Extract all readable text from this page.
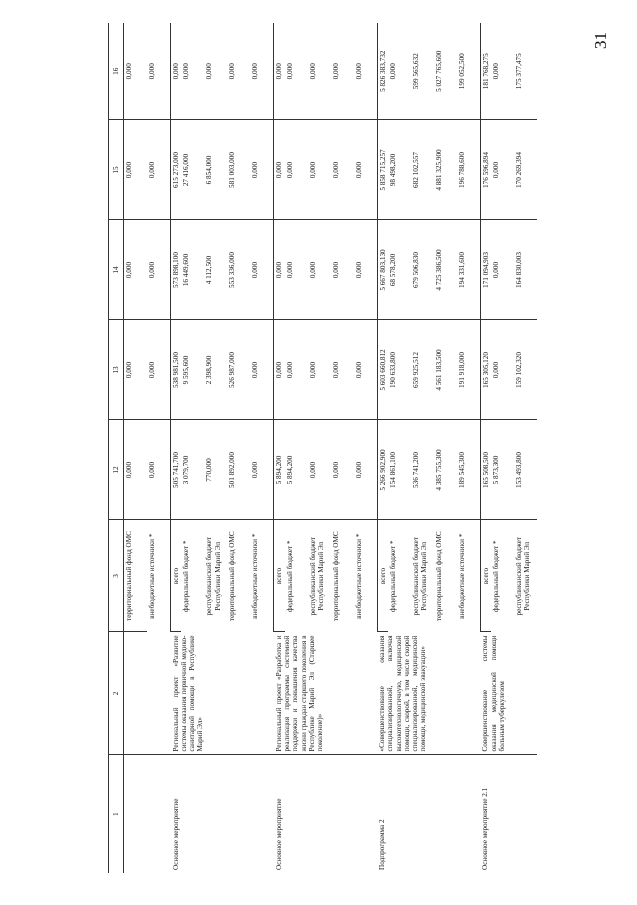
31
1	2	3	12	13	14	15	16
		территориальный фонд ОМС	0,000	0,000	0,000	0,000	0,000
		внебюджетные источники *	0,000	0,000	0,000	0,000	0,000
Основное мероприятие	Региональный проект «Развитие системы оказания первичной медико-санитарной помощи в Республике Марий Эл»	всего	505 741,700	538 981,500	573 898,100	615 273,000	0,000
		федеральный бюджет *	3 079,700	9 595,600	16 449,600	27 416,000	0,000
		республиканский бюджет Республики Марий Эл	770,000	2 398,900	4 112,500	6 854,000	0,000
		территориальный фонд ОМС	501 892,000	526 987,000	553 336,000	581 003,000	0,000
		внебюджетные источники *	0,000	0,000	0,000	0,000	0,000
Основное мероприятие	Региональный проект «Разработка и реализация программы системной поддержки и повышения качества жизни граждан старшего поколения в Республике Марий Эл (Старшее поколение)»	всего	5 894,200	0,000	0,000	0,000	0,000
		федеральный бюджет *	5 894,200	0,000	0,000	0,000	0,000
		республиканский бюджет Республики Марий Эл	0,000	0,000	0,000	0,000	0,000
		территориальный фонд ОМС	0,000	0,000	0,000	0,000	0,000
		внебюджетные источники *	0,000	0,000	0,000	0,000	0,000
Подпрограмма 2	«Совершенствование оказания специализированной, включая высокотехнологичную, медицинской помощи, скорой, в том числе скорой специализированной, медицинской помощи, медицинской эвакуации»	всего	5 266 902,900	5 603 660,812	5 667 803,130	5 858 715,257	5 826 383,732
		федеральный бюджет *	154 861,100	190 633,800	68 578,200	98 498,200	0,000
		республиканский бюджет Республики Марий Эл	536 741,200	659 925,512	679 506,830	682 102,557	599 565,632
		территориальный фонд ОМС	4 385 755,300	4 561 183,500	4 725 386,500	4 881 325,900	5 027 765,600
		внебюджетные источники *	189 545,300	191 918,000	194 331,600	196 788,600	199 052,500
Основное мероприятие 2.1	Совершенствование системы оказания медицинской помощи больным туберкулезом	всего	165 508,500	165 305,120	171 094,903	176 596,894	181 768,275
		федеральный бюджет *	5 873,300	0,000	0,000	0,000	0,000
		республиканский бюджет Республики Марий Эл	153 493,800	159 102,320	164 830,003	170 269,394	175 377,475
